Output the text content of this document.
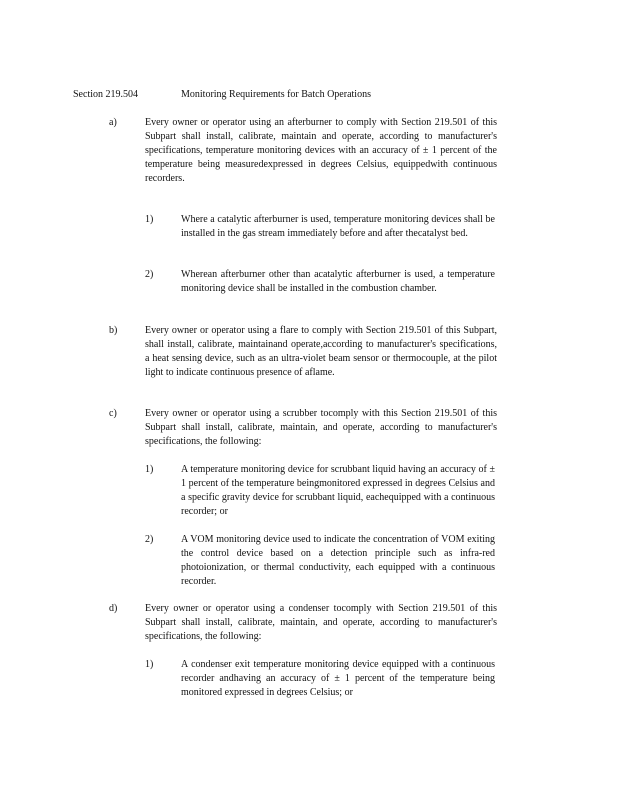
Section 219.504	Monitoring Requirements for Batch Operations
a)	Every owner or operator using an afterburner to comply with Section 219.501 of this Subpart shall install, calibrate, maintain and operate, according to manufacturer's specifications, temperature monitoring devices with an accuracy of ± 1 percent of the temperature being measuredexpressed in degrees Celsius, equippedwith continuous recorders.
1)	Where a catalytic afterburner is used, temperature monitoring devices shall be installed in the gas stream immediately before and after thecatalyst bed.
2)	Wherean afterburner other than acatalytic afterburner is used, a temperature monitoring device shall be installed in the combustion chamber.
b)	Every owner or operator using a flare to comply with Section 219.501 of this Subpart, shall install, calibrate, maintainand operate,according to manufacturer's specifications, a heat sensing device, such as an ultra-violet beam sensor or thermocouple, at the pilot light to indicate continuous presence of aflame.
c)	Every owner or operator using a scrubber tocomply with this Section 219.501 of this Subpart shall install, calibrate, maintain, and operate, according to manufacturer's specifications, the following:
1)	A temperature monitoring device for scrubbant liquid having an accuracy of ± 1 percent of the temperature beingmonitored expressed in degrees Celsius and a specific gravity device for scrubbant liquid, eachequipped with a continuous recorder; or
2)	A VOM monitoring device used to indicate the concentration of VOM exiting the control device based on a detection principle such as infra-red photoionization, or thermal conductivity, each equipped with a continuous recorder.
d)	Every owner or operator using a condenser tocomply with Section 219.501 of this Subpart shall install, calibrate, maintain, and operate, according to manufacturer's specifications, the following:
1)	A condenser exit temperature monitoring device equipped with a continuous recorder andhaving an accuracy of ± 1 percent of the temperature being monitored expressed in degrees Celsius; or
